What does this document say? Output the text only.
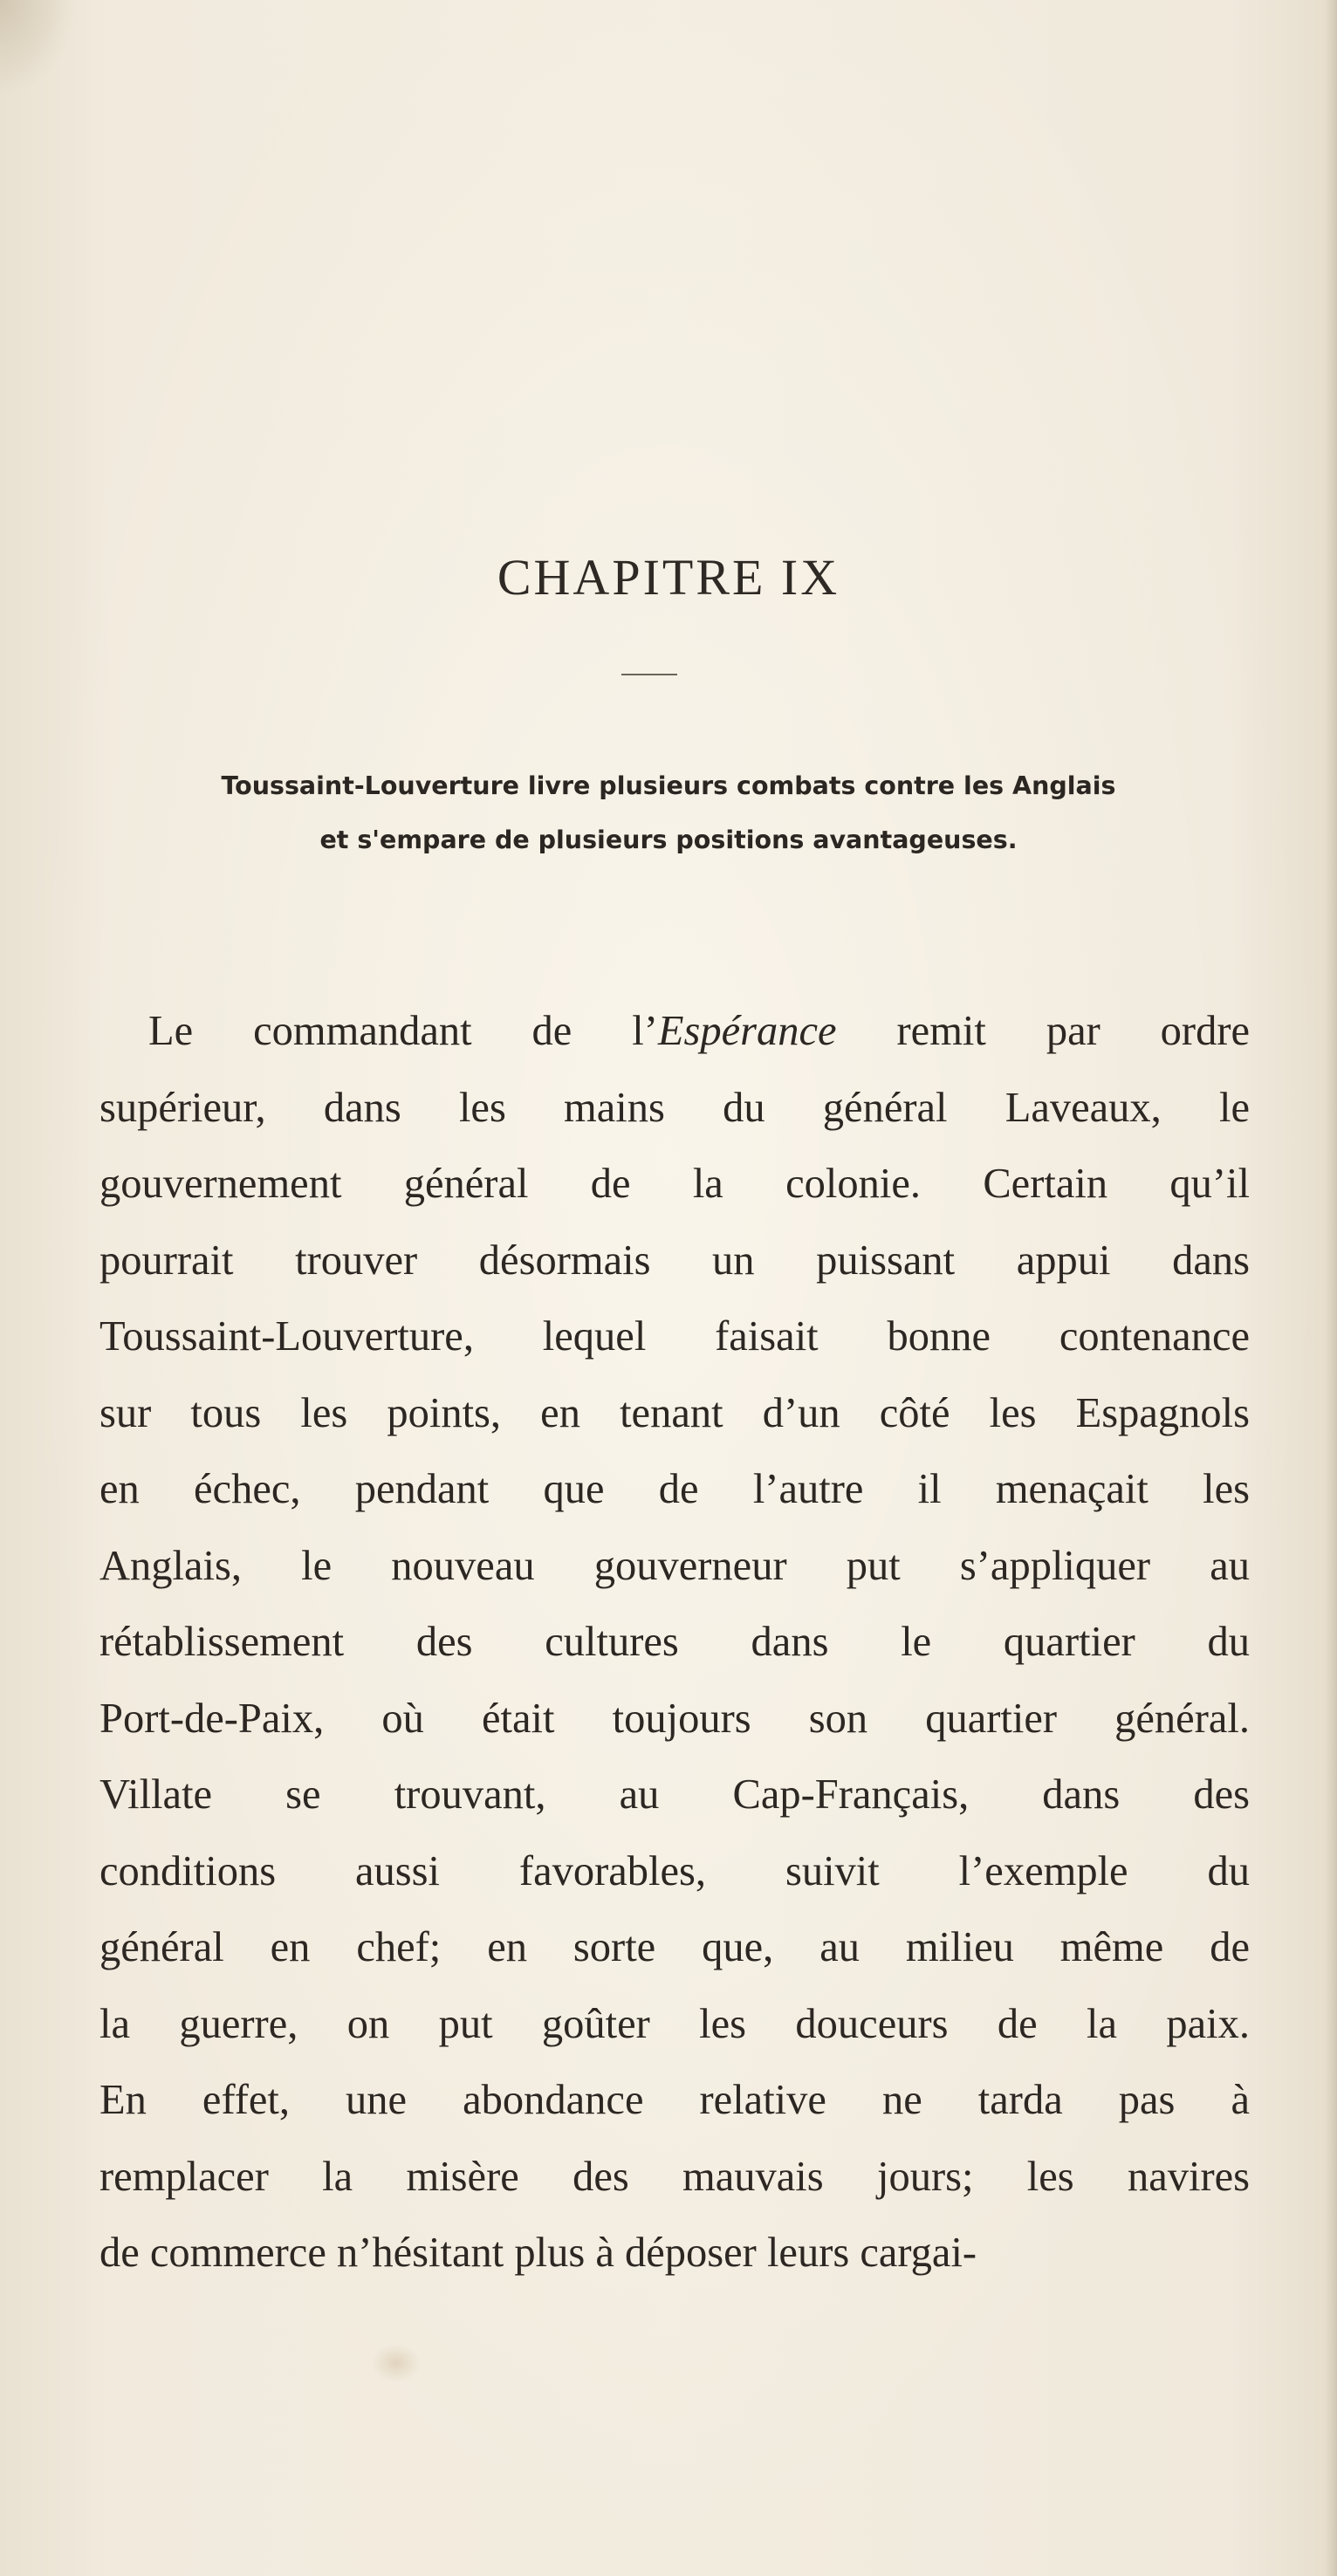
CHAPITRE IX
Toussaint-Louverture livre plusieurs combats contre les Anglais
et s'empare de plusieurs positions avantageuses.
Le commandant de l’Espérance remit par ordre
supérieur, dans les mains du général Laveaux, le
gouvernement général de la colonie. Certain qu’il
pourrait trouver désormais un puissant appui dans
Toussaint-Louverture, lequel faisait bonne contenance
sur tous les points, en tenant d’un côté les Espagnols
en échec, pendant que de l’autre il menaçait les
Anglais, le nouveau gouverneur put s’appliquer au
rétablissement des cultures dans le quartier du
Port-de-Paix, où était toujours son quartier général.
Villate se trouvant, au Cap-Français, dans des
conditions aussi favorables, suivit l’exemple du
général en chef; en sorte que, au milieu même de
la guerre, on put goûter les douceurs de la paix.
En effet, une abondance relative ne tarda pas à
remplacer la misère des mauvais jours; les navires
de commerce n’hésitant plus à déposer leurs cargai-
